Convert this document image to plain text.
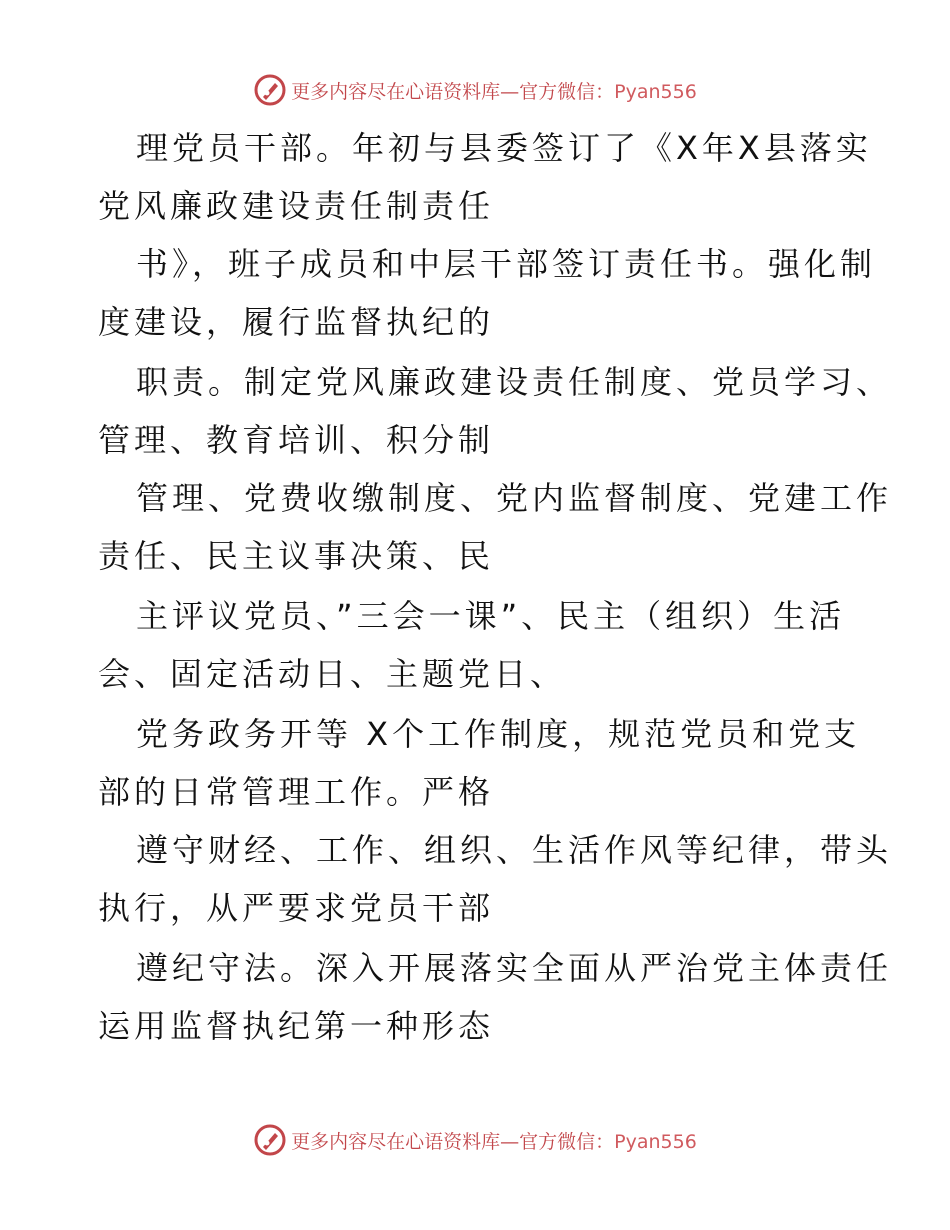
更多内容尽在心语资料库—官方微信：Pyan556
理党员干部。年初与县委签订了《X年X县落实
党风廉政建设责任制责任
书》，班子成员和中层干部签订责任书。强化制
度建设，履行监督执纪的
职责。制定党风廉政建设责任制度、党员学习、
管理、教育培训、积分制
管理、党费收缴制度、党内监督制度、党建工作
责任、民主议事决策、民
主评议党员、”三会一课”、民主（组织）生活
会、固定活动日、主题党日、
党务政务开等 X个工作制度，规范党员和党支
部的日常管理工作。严格
遵守财经、工作、组织、生活作风等纪律，带头
执行，从严要求党员干部
遵纪守法。深入开展落实全面从严治党主体责任
运用监督执纪第一种形态
更多内容尽在心语资料库—官方微信：Pyan556
